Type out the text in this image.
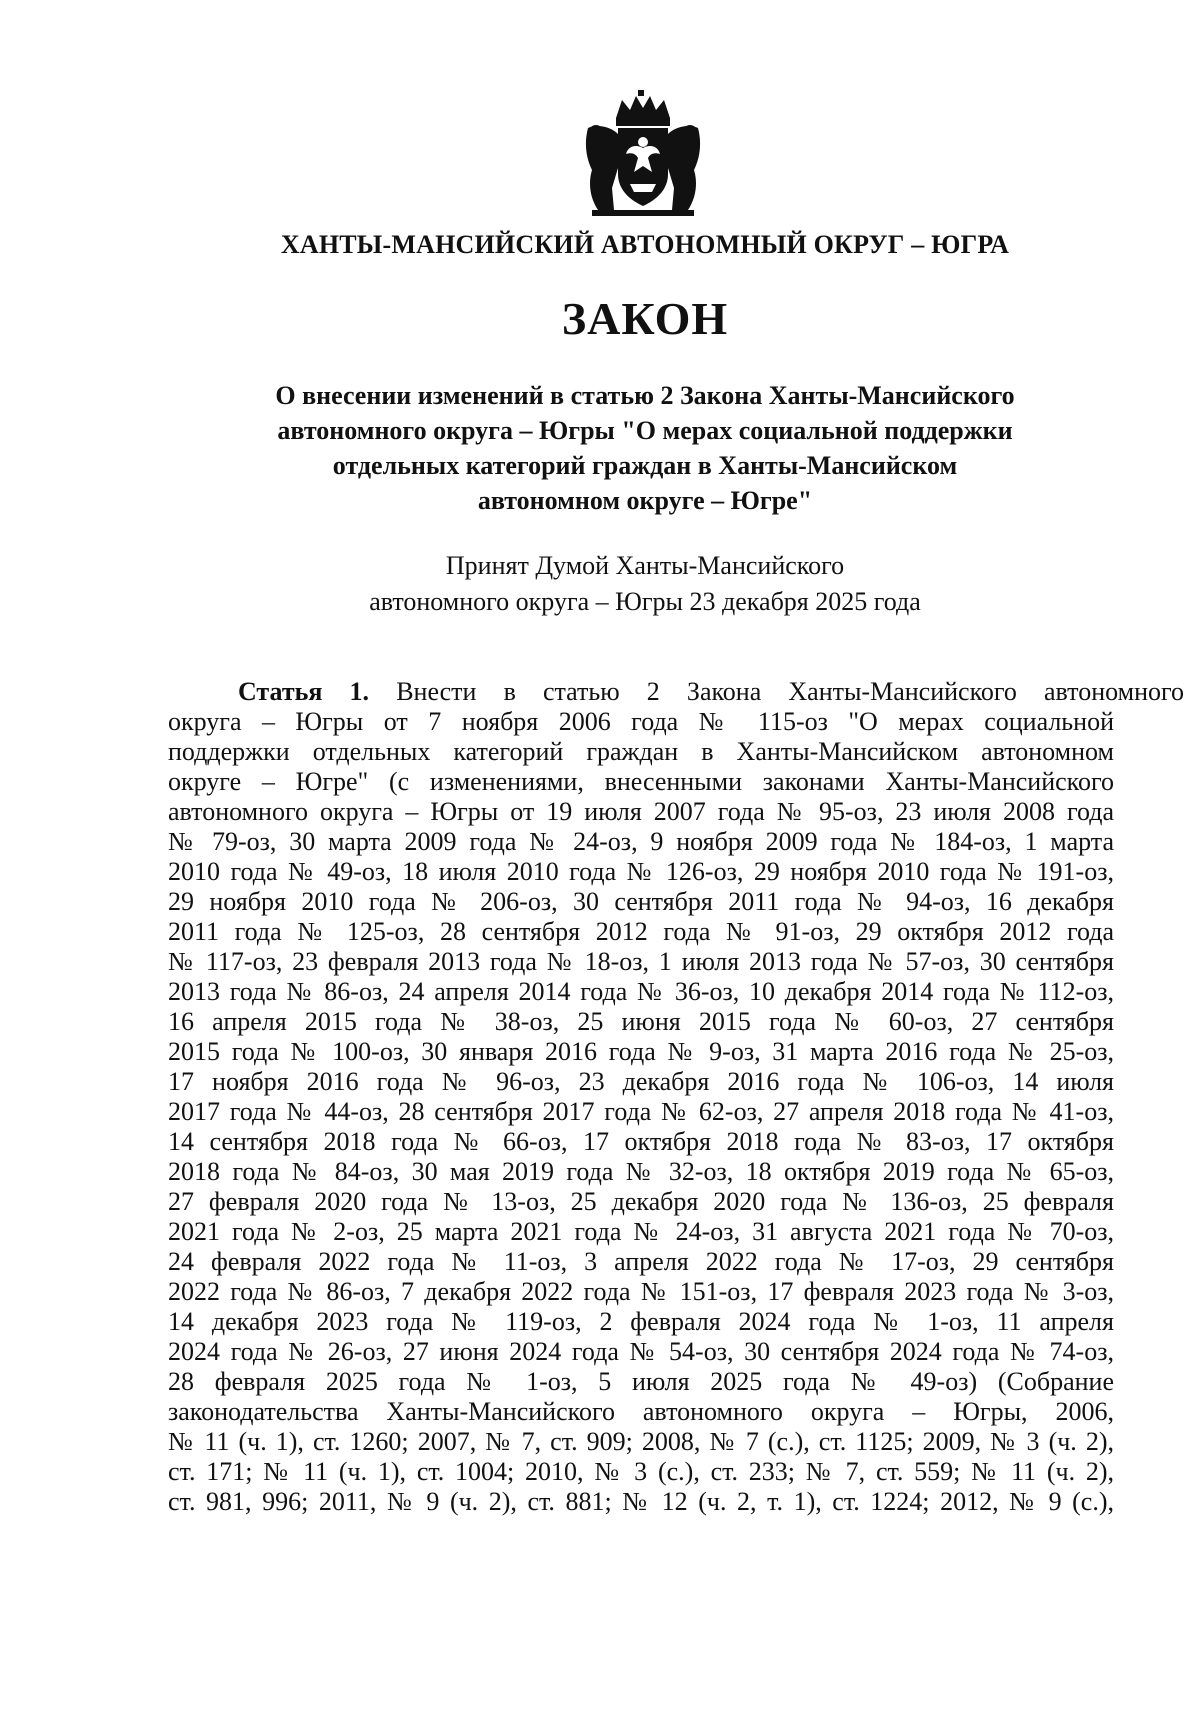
ХАНТЫ-МАНСИЙСКИЙ АВТОНОМНЫЙ ОКРУГ – ЮГРА
ЗАКОН
О внесении изменений в статью 2 Закона Ханты-Мансийского
автономного округа – Югры "О мерах социальной поддержки
отдельных категорий граждан в Ханты-Мансийском
автономном округе – Югре"
Принят Думой Ханты-Мансийского
автономного округа – Югры 23 декабря 2025 года
Статья 1. Внести в статью 2 Закона Ханты-Мансийского автономного
округа – Югры от 7 ноября 2006 года № 115-оз "О мерах социальной
поддержки отдельных категорий граждан в Ханты-Мансийском автономном
округе – Югре" (с изменениями, внесенными законами Ханты-Мансийского
автономного округа – Югры от 19 июля 2007 года № 95-оз, 23 июля 2008 года
№ 79-оз, 30 марта 2009 года № 24-оз, 9 ноября 2009 года № 184-оз, 1 марта
2010 года № 49-оз, 18 июля 2010 года № 126-оз, 29 ноября 2010 года № 191-оз,
29 ноября 2010 года № 206-оз, 30 сентября 2011 года № 94-оз, 16 декабря
2011 года № 125-оз, 28 сентября 2012 года № 91-оз, 29 октября 2012 года
№ 117-оз, 23 февраля 2013 года № 18-оз, 1 июля 2013 года № 57-оз, 30 сентября
2013 года № 86-оз, 24 апреля 2014 года № 36-оз, 10 декабря 2014 года № 112-оз,
16 апреля 2015 года № 38-оз, 25 июня 2015 года № 60-оз, 27 сентября
2015 года № 100-оз, 30 января 2016 года № 9-оз, 31 марта 2016 года № 25-оз,
17 ноября 2016 года № 96-оз, 23 декабря 2016 года № 106-оз, 14 июля
2017 года № 44-оз, 28 сентября 2017 года № 62-оз, 27 апреля 2018 года № 41-оз,
14 сентября 2018 года № 66-оз, 17 октября 2018 года № 83-оз, 17 октября
2018 года № 84-оз, 30 мая 2019 года № 32-оз, 18 октября 2019 года № 65-оз,
27 февраля 2020 года № 13-оз, 25 декабря 2020 года № 136-оз, 25 февраля
2021 года № 2-оз, 25 марта 2021 года № 24-оз, 31 августа 2021 года № 70-оз,
24 февраля 2022 года № 11-оз, 3 апреля 2022 года № 17-оз, 29 сентября
2022 года № 86-оз, 7 декабря 2022 года № 151-оз, 17 февраля 2023 года № 3-оз,
14 декабря 2023 года № 119-оз, 2 февраля 2024 года № 1-оз, 11 апреля
2024 года № 26-оз, 27 июня 2024 года № 54-оз, 30 сентября 2024 года № 74-оз,
28 февраля 2025 года № 1-оз, 5 июля 2025 года № 49-оз) (Собрание
законодательства Ханты-Мансийского автономного округа – Югры, 2006,
№ 11 (ч. 1), ст. 1260; 2007, № 7, ст. 909; 2008, № 7 (с.), ст. 1125; 2009, № 3 (ч. 2),
ст. 171; № 11 (ч. 1), ст. 1004; 2010, № 3 (с.), ст. 233; № 7, ст. 559; № 11 (ч. 2),
ст. 981, 996; 2011, № 9 (ч. 2), ст. 881; № 12 (ч. 2, т. 1), ст. 1224; 2012, № 9 (с.),
